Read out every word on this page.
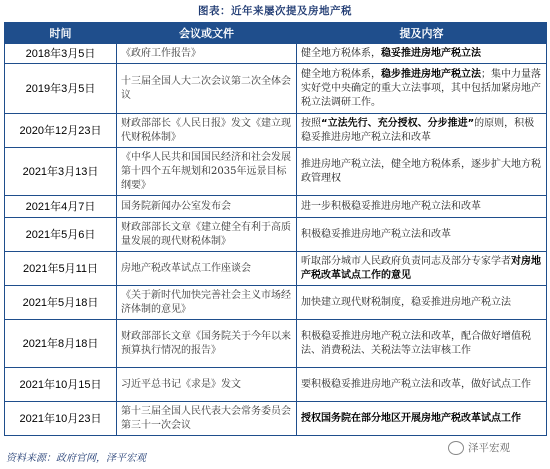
图表：近年来屡次提及房地产税
时间	会议或文件	提及内容
2018年3月5日	《政府工作报告》	健全地方税体系，稳妥推进房地产税立法
2019年3月5日	十三届全国人大二次会议第二次全体会议	健全地方税体系，稳步推进房地产税立法；集中力量落实好党中央确定的重大立法事项，其中包括加紧房地产税立法调研工作。
2020年12月23日	财政部部长《人民日报》发文《建立现代财税体制》	按照“立法先行、充分授权、分步推进”的原则，积极稳妥推进房地产税立法和改革
2021年3月13日	《中华人民共和国国民经济和社会发展第十四个五年规划和2035年远景目标纲要》	推进房地产税立法，健全地方税体系，逐步扩大地方税政管理权
2021年4月7日	国务院新闻办公室发布会	进一步积极稳妥推进房地产税立法和改革
2021年5月6日	财政部部长文章《建立健全有利于高质量发展的现代财税体制》	积极稳妥推进房地产税立法和改革
2021年5月11日	房地产税改革试点工作座谈会	听取部分城市人民政府负责同志及部分专家学者对房地产税改革试点工作的意见
2021年5月18日	《关于新时代加快完善社会主义市场经济体制的意见》	加快建立现代财税制度，稳妥推进房地产税立法
2021年8月18日	财政部部长文章《国务院关于今年以来预算执行情况的报告》	积极稳妥推进房地产税立法和改革，配合做好增值税法、消费税法、关税法等立法审核工作
2021年10月15日	习近平总书记《求是》发文	要积极稳妥推进房地产税立法和改革，做好试点工作
2021年10月23日	第十三届全国人民代表大会常务委员会第三十一次会议	授权国务院在部分地区开展房地产税改革试点工作
资料来源：政府官网，泽平宏观
泽平宏观
